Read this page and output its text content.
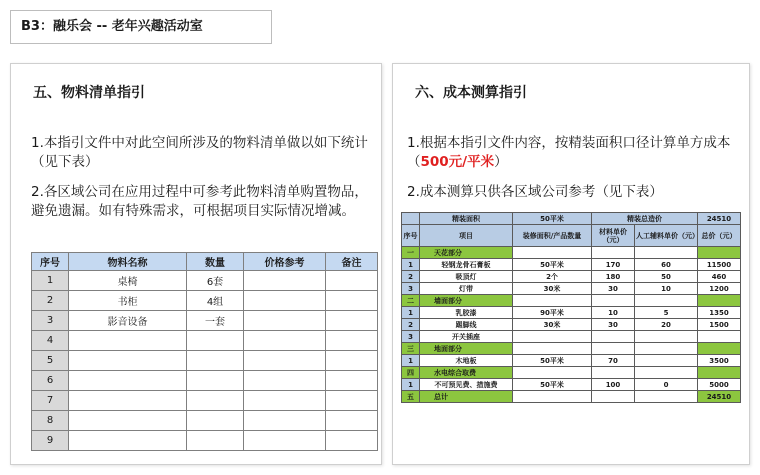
B3：融乐会 -- 老年兴趣活动室
五、物料清单指引
1.本指引文件中对此空间所涉及的物料清单做以如下统计（见下表）
2.各区域公司在应用过程中可参考此物料清单购置物品，避免遗漏。如有特殊需求，可根据项目实际情况增减。
序号	物料名称	数量	价格参考	备注
1	桌椅	6套		
2	书柜	4组		
3	影音设备	一套		
4				
5				
6				
7				
8				
9				
六、成本测算指引
1.根据本指引文件内容，按精装面积口径计算单方成本（500元/平米）
2.成本测算只供各区域公司参考（见下表）
	精装面积	50平米	精装总造价		24510
序号	项目	装修面积/产品数量	材料单价（元）	人工辅料单价（元）	总价（元）
一	天花部分				
1	轻钢龙骨石膏板	50平米	170	60	11500
2	吸顶灯	2个	180	50	460
3	灯带	30米	30	10	1200
二	墙面部分				
1	乳胶漆	90平米	10	5	1350
2	踢脚线	30米	30	20	1500
3	开关插座				
三	地面部分				
1	木地板	50平米	70		3500
四	水电综合取费				
1	不可预见费、措施费	50平米	100	0	5000
五	总计				24510
